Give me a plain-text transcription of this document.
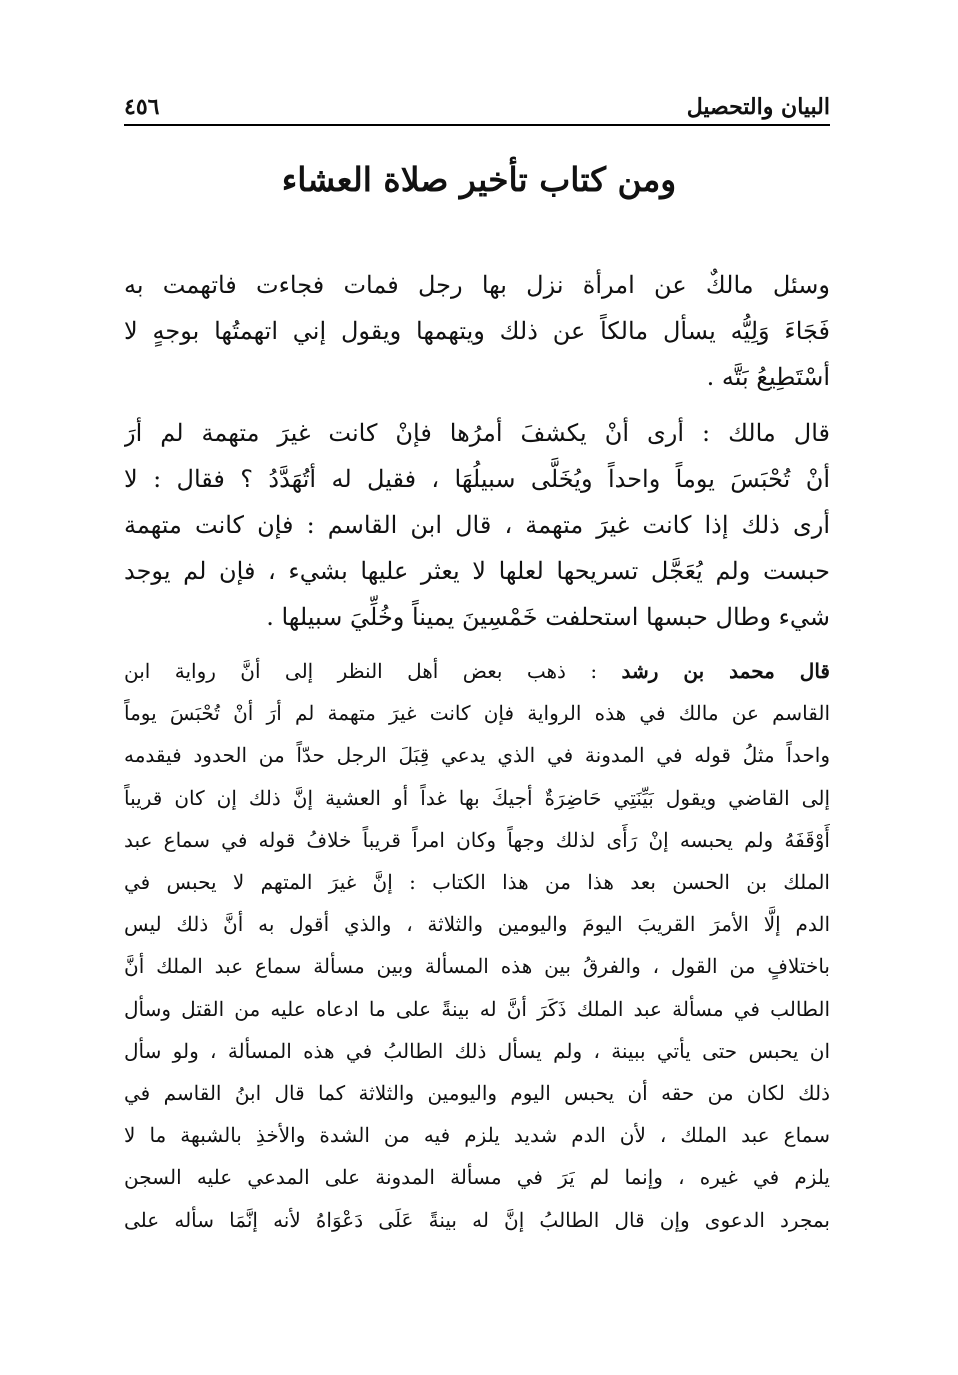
البيان والتحصيل
٤٥٦
ومن كتاب تأخير صلاة العشاء
وسئل مالكٌ عن امرأة نزل بها رجل فمات فجاءت فاتهمت به
فَجَاءَ وَلِيُّه يسأل مالكاً عن ذلك ويتهمها ويقول إني اتهمتُها بوجهٍ لا
أسْتَطِيعُ بَتَّه .
قال مالك : أرى أنْ يكشفَ أمرُها فإنْ كانت غيرَ متهمة لم أرَ
أنْ تُحْبَسَ يوماً واحداً ويُخَلَّى سبيلُهَا ، فقيل له أتُهَدَّدُ ؟ فقال : لا
أرى ذلك إذا كانت غيرَ متهمة ، قال ابن القاسم : فإن كانت متهمة
حبست ولم يُعَجَّل تسريحها لعلها لا يعثر عليها بشيء ، فإن لم يوجد
شيء وطال حبسها استحلفت خَمْسِينَ يميناً وخُلِّيَ سبيلها .
قال محمد بن رشد : ذهب بعض أهل النظر إلى أنَّ رواية ابن
القاسم عن مالك في هذه الرواية فإن كانت غيرَ متهمة لم أرَ أنْ تُحْبَسَ يوماً
واحداً مثلُ قوله في المدونة في الذي يدعي قِبَلَ الرجل حدّاً من الحدود فيقدمه
إلى القاضي ويقول بَيِّنَتِي حَاضِرَةٌ أجيكَ بها غداً أو العشية إنَّ ذلك إن كان قريباً
أَوْقَفَهُ ولم يحبسه إنْ رَأَى لذلك وجهاً وكان امراً قريباً خلافُ قوله في سماع عبد
الملك بن الحسن بعد هذا من هذا الكتاب : إنَّ غيرَ المتهم لا يحبس في
الدم إلَّا الأمرَ القريبَ اليومَ واليومين والثلاثة ، والذي أقول به أنَّ ذلك ليس
باختلافٍ من القول ، والفرقُ بين هذه المسألة وبين مسألة سماع عبد الملك أنَّ
الطالب في مسألة عبد الملك ذَكَرَ أنَّ له بينةً على ما ادعاه عليه من القتل وسأل
ان يحبس حتى يأتي ببينة ، ولم يسأل ذلك الطالبُ في هذه المسألة ، ولو سأل
ذلك لكان من حقه أن يحبس اليوم واليومين والثلاثة كما قال ابنُ القاسم في
سماع عبد الملك ، لأن الدم شديد يلزم فيه من الشدة والأخذِ بالشبهة ما لا
يلزم في غيره ، وإنما لم يَرَ في مسألة المدونة على المدعي عليه السجن
بمجرد الدعوى وإن قال الطالبُ إنَّ له بينةً عَلَى دَعْوَاهُ لأنه إنَّمَا سأله على
